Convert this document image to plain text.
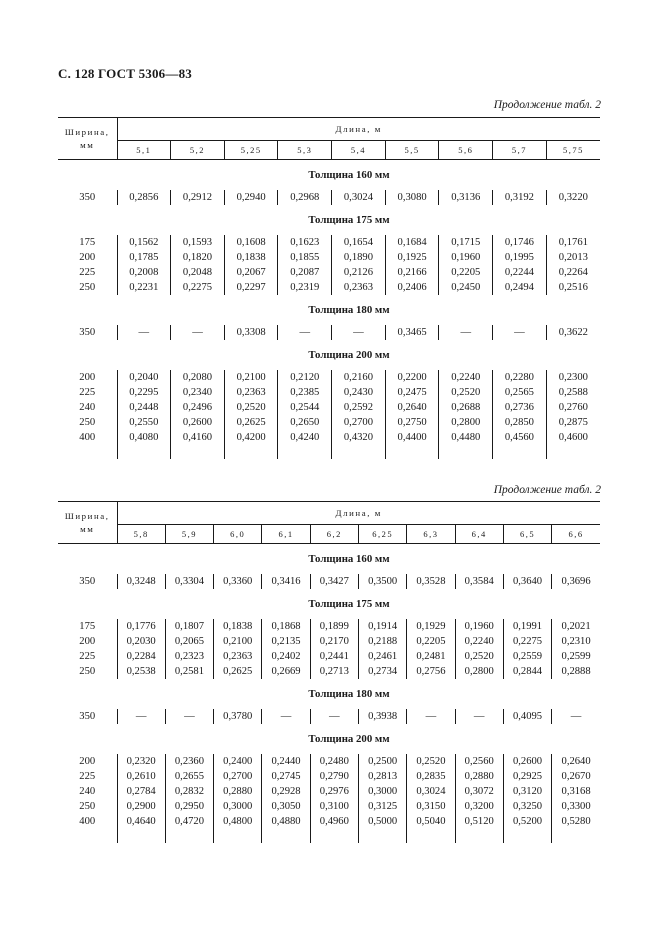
С. 128 ГОСТ 5306—83
Продолжение табл. 2
Ширина,
мм	Длина, м								
	5,1	5,2	5,25	5,3	5,4	5,5	5,6	5,7	5,75
Толщина 160 мм									
350	0,2856	0,2912	0,2940	0,2968	0,3024	0,3080	0,3136	0,3192	0,3220
Толщина 175 мм									
175	0,1562	0,1593	0,1608	0,1623	0,1654	0,1684	0,1715	0,1746	0,1761
200	0,1785	0,1820	0,1838	0,1855	0,1890	0,1925	0,1960	0,1995	0,2013
225	0,2008	0,2048	0,2067	0,2087	0,2126	0,2166	0,2205	0,2244	0,2264
250	0,2231	0,2275	0,2297	0,2319	0,2363	0,2406	0,2450	0,2494	0,2516
Толщина 180 мм									
350	—	—	0,3308	—	—	0,3465	—	—	0,3622
Толщина 200 мм									
200	0,2040	0,2080	0,2100	0,2120	0,2160	0,2200	0,2240	0,2280	0,2300
225	0,2295	0,2340	0,2363	0,2385	0,2430	0,2475	0,2520	0,2565	0,2588
240	0,2448	0,2496	0,2520	0,2544	0,2592	0,2640	0,2688	0,2736	0,2760
250	0,2550	0,2600	0,2625	0,2650	0,2700	0,2750	0,2800	0,2850	0,2875
400	0,4080	0,4160	0,4200	0,4240	0,4320	0,4400	0,4480	0,4560	0,4600

Продолжение табл. 2
Ширина,
мм	Длина, м									
	5,8	5,9	6,0	6,1	6,2	6,25	6,3	6,4	6,5	6,6
Толщина 160 мм										
350	0,3248	0,3304	0,3360	0,3416	0,3427	0,3500	0,3528	0,3584	0,3640	0,3696
Толщина 175 мм										
175	0,1776	0,1807	0,1838	0,1868	0,1899	0,1914	0,1929	0,1960	0,1991	0,2021
200	0,2030	0,2065	0,2100	0,2135	0,2170	0,2188	0,2205	0,2240	0,2275	0,2310
225	0,2284	0,2323	0,2363	0,2402	0,2441	0,2461	0,2481	0,2520	0,2559	0,2599
250	0,2538	0,2581	0,2625	0,2669	0,2713	0,2734	0,2756	0,2800	0,2844	0,2888
Толщина 180 мм										
350	—	—	0,3780	—	—	0,3938	—	—	0,4095	—
Толщина 200 мм										
200	0,2320	0,2360	0,2400	0,2440	0,2480	0,2500	0,2520	0,2560	0,2600	0,2640
225	0,2610	0,2655	0,2700	0,2745	0,2790	0,2813	0,2835	0,2880	0,2925	0,2670
240	0,2784	0,2832	0,2880	0,2928	0,2976	0,3000	0,3024	0,3072	0,3120	0,3168
250	0,2900	0,2950	0,3000	0,3050	0,3100	0,3125	0,3150	0,3200	0,3250	0,3300
400	0,4640	0,4720	0,4800	0,4880	0,4960	0,5000	0,5040	0,5120	0,5200	0,5280
